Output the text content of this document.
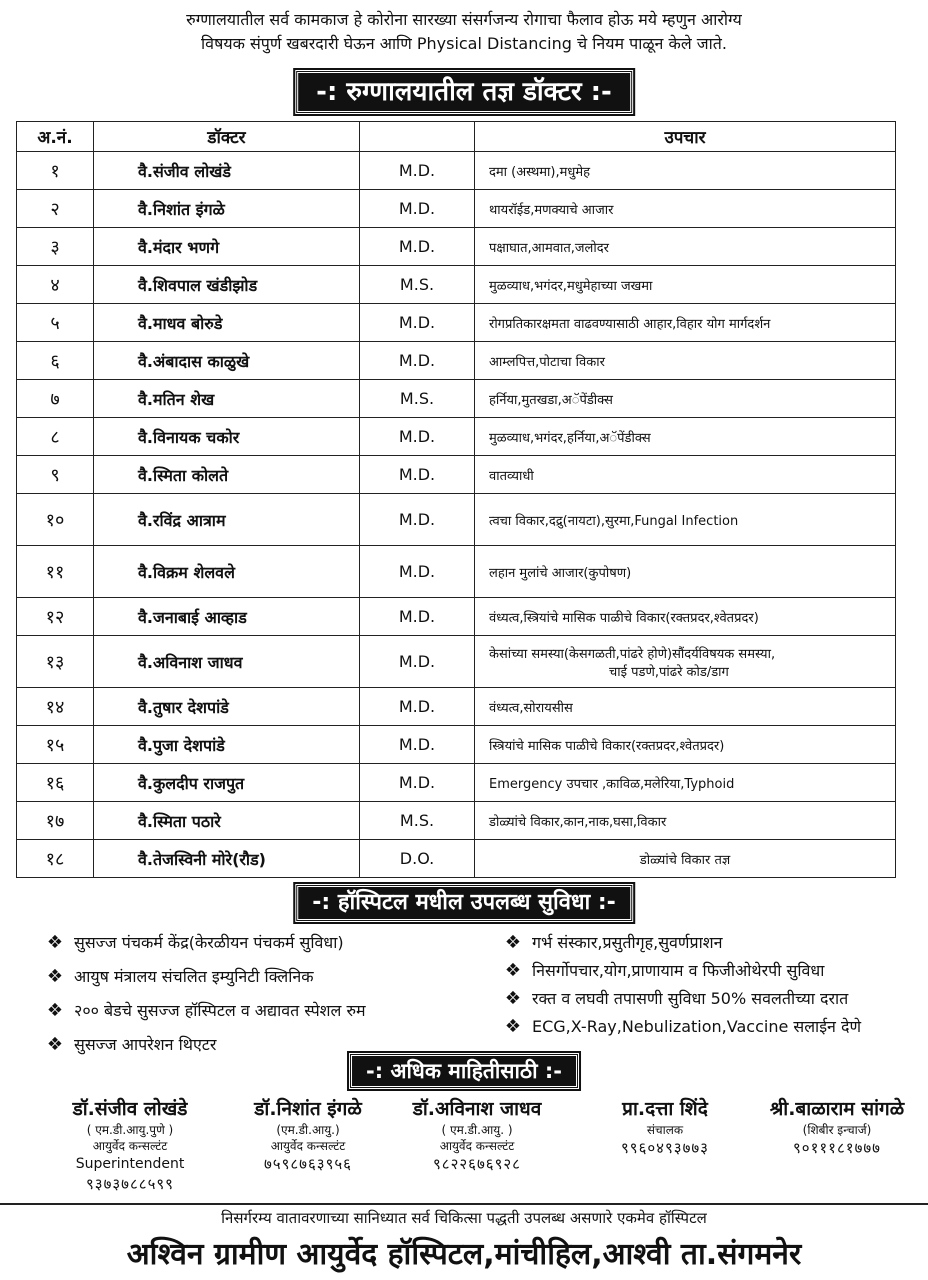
रुग्णालयातील सर्व कामकाज हे कोरोना सारख्या संसर्गजन्य रोगाचा फैलाव होऊ मये म्हणुन आरोग्य
विषयक संपुर्ण खबरदारी घेऊन आणि Physical Distancing चे नियम पाळून केले जाते.
-: रुग्णालयातील तज्ञ डॉक्टर :-
अ.नं.	डॉक्टर		उपचार
१	वै.संजीव लोखंडे	M.D.	दमा (अस्थमा),मधुमेह
२	वै.निशांत इंगळे	M.D.	थायरॉईड,मणक्याचे आजार
३	वै.मंदार भणगे	M.D.	पक्षाघात,आमवात,जलोदर
४	वै.शिवपाल खंडीझोड	M.S.	मुळव्याध,भगंदर,मधुमेहाच्या जखमा
५	वै.माधव बोरुडे	M.D.	रोगप्रतिकारक्षमता वाढवण्यासाठी आहार,विहार योग मार्गदर्शन
६	वै.अंबादास काळुखे	M.D.	आम्लपित्त,पोटाचा विकार
७	वै.मतिन शेख	M.S.	हर्निया,मुतखडा,अॅपेंडीक्स
८	वै.विनायक चकोर	M.D.	मुळव्याध,भगंदर,हर्निया,अॅपेंडीक्स
९	वै.स्मिता कोलते	M.D.	वातव्याधी
१०	वै.रविंद्र आत्राम	M.D.	त्वचा विकार,दद्रु(नायटा),सुरमा,Fungal Infection
११	वै.विक्रम शेलवले	M.D.	लहान मुलांचे आजार(कुपोषण)
१२	वै.जनाबाई आव्हाड	M.D.	वंध्यत्व,स्त्रियांचे मासिक पाळीचे विकार(रक्तप्रदर,श्वेतप्रदर)
१३	वै.अविनाश जाधव	M.D.	केसांच्या समस्या(केसगळती,पांढरे होणे)सौंदर्यविषयक समस्या,
चाई पडणे,पांढरे कोड/डाग

१४	वै.तुषार देशपांडे	M.D.	वंध्यत्व,सोरायसीस
१५	वै.पुजा देशपांडे	M.D.	स्त्रियांचे मासिक पाळीचे विकार(रक्तप्रदर,श्वेतप्रदर)
१६	वै.कुलदीप राजपुत	M.D.	Emergency उपचार ,काविळ,मलेरिया,Typhoid
१७	वै.स्मिता पठारे	M.S.	डोळ्यांचे विकार,कान,नाक,घसा,विकार
१८	वै.तेजस्विनी मोरे(रौड)	D.O.	डोळ्यांचे विकार तज्ञ
-: हॉस्पिटल मधील उपलब्ध सुविधा :-
❖ सुसज्ज पंचकर्म केंद्र(केरळीयन पंचकर्म सुविधा)
❖ आयुष मंत्रालय संचलित इम्युनिटी क्लिनिक
❖ २०० बेडचे सुसज्ज हॉस्पिटल व अद्यावत स्पेशल रुम
❖ सुसज्ज आपरेशन थिएटर
❖ गर्भ संस्कार,प्रसुतीगृह,सुवर्णप्राशन
❖ निसर्गोपचार,योग,प्राणायाम व फिजीओथेरपी सुविधा
❖ रक्त व लघवी तपासणी सुविधा 50% सवलतीच्या दरात
❖ ECG,X-Ray,Nebulization,Vaccine सलाईन देणे
-: अधिक माहितीसाठी :-
डॉ.संजीव लोखंडे
( एम.डी.आयु.पुणे )
आयुर्वेद कन्सल्टंट
Superintendent
९३७३७८८५९९
डॉ.निशांत इंगळे
(एम.डी.आयु.)
आयुर्वेद कन्सल्टंट
७५९८७६३९५६
डॉ.अविनाश जाधव
( एम.डी.आयु. )
आयुर्वेद कन्सल्टंट
९८२२६७६९२८
प्रा.दत्ता शिंदे
संचालक
९९६०४९३७७३
श्री.बाळाराम सांगळे
(शिबीर इन्चार्ज)
९०१११८१७७७
निसर्गरम्य वातावरणाच्या सानिध्यात सर्व चिकित्सा पद्धती उपलब्ध असणारे एकमेव हॉस्पिटल
अश्विन ग्रामीण आयुर्वेद हॉस्पिटल,मांचीहिल,आश्वी ता.संगमनेर
